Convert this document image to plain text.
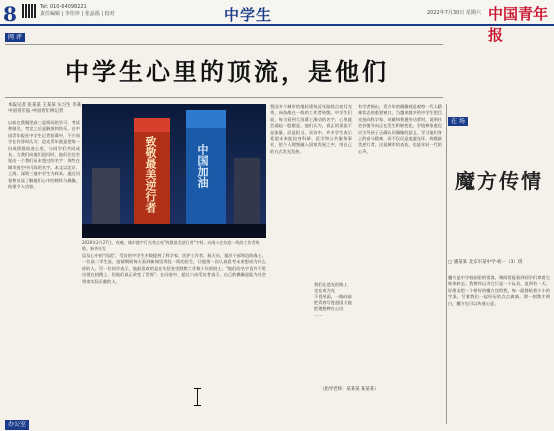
8	Tel: 010-64098221
责任编辑 | 李佳珍 | 张兹福 | 校对	中学生	2022年7月30日 星期六 中国青年报
网 评
中学生心里的顶流，是他们
本报记者 张某某 王某某 实习生 李某
中国青年报·中国青年网记者
以前在我眼里高三是烦闷的学习、考试和排名，考完之后是解放和快乐。在中国青年报社中学生记者招募中，不少同学在作答时认为：追光青年就是把每一份成绩都收进心里，与同学们共同成长。当我们向他们追问时，他们往往会说出一个我们从未想过的名字：那些在城市夜空中闪烁的名字。本文以北京、上海、深圳三地中学生为样本，通过问卷和访谈了解他们心中的榜样与偶像，结果令人动容。	致敬最美逆行者	中国加油
2020年2月27日，夜晚，城市楼宇灯光秀点亮"致敬最美逆行者"字样，向战斗在抗疫一线的工作者致敬。新华社发
谈及心中的"顶流"，受访的中学生多数提到了科学家、医护工作者、航天员、基层干部和边防战士。一位高二学生说，疫情期间每天看到新闻里奔赴一线的医生，让他第一次认真思考未来想成为什么样的人。另一位同学表示，他最喜欢的是在实验室里默默工作数十年的院士，"他们的名字也许不常出现在热搜上，但他们真正改变了世界"。在问卷中，超过六成受访者表示，自己的偶像是能为社会带来实际贡献的人。
我国多个城市的地标建筑近年陆续点亮灯光秀，向奋战在一线的工作者致敬。中学生们说，每当看到大屏幕上滚动的名字，心里就会涌起一股敬意。他们认为，真正的顶流不是流量，而是担当。采访中，许多学生表示希望未来能投身科研、医学和公共服务事业，把个人理想融入国家发展之中，用自己的方式发光发热。
有学者指出，青少年的偶像观是观察一代人精神状态的重要窗口。当越来越多的中学生把目光投向科学家、英雄和普通劳动者时，说明社会价值导向正在发生积极变化。学校和家庭也应引导孩子正确认识偶像的意义，学习他们身上的奋斗精神，而不仅仅是追逐光环。致敬最美逆行者，这是城市的表达，也是年轻一代的心声。
我们在追光的路上
也在成为光
不畏风雨，一路向前
把青春写进祖国大地
把理想种在心田
……
（指导老师：某某某 某某某）
在 场
魔方传情
□ 潘某某 北京市某中学·初一（3）班
魔方是中学校园里的常客，课间常能看到同学们拿着它转来转去。我曾经以为它只是一个玩具，直到有一天，好朋友把一个拼好的魔方送给我，每一面都贴着小小的字条，写着我们一起经历的点点滴滴。那一刻我才明白，魔方也可以传递心意。
办公室
